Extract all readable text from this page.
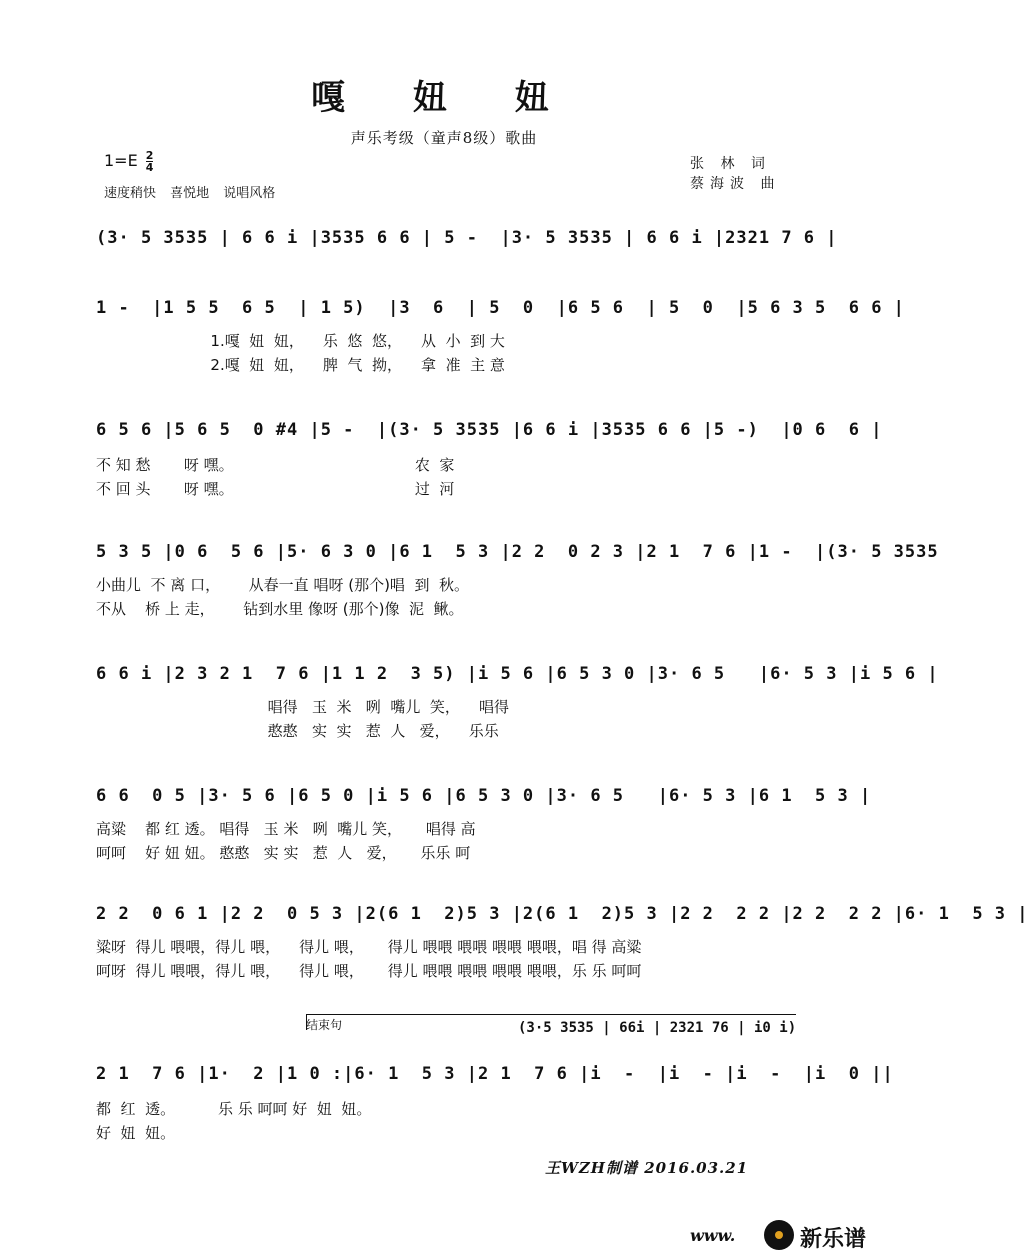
嘎 妞 妞
声乐考级（童声8级）歌曲
$1=E \frac{2}{4}$
速度稍快 喜悦地 说唱风格
张 林 词
蔡海波 曲
(3· 5 3535 | 6 6 i |3535 6 6 | 5 -  |3· 5 3535 | 6 6 i |2321 7 6 |
1 -  |1 5 5  6 5  | 1 5)  |3  6  | 5  0  |6 5 6  | 5  0  |5 6 3 5  6 6 |
1.嘎  妞  妞，    乐  悠  悠，    从  小  到 大
2.嘎  妞  妞，    脾  气  拗，    拿  准  主 意
6 5 6 |5 6 5  0 #4 |5 -  |(3· 5 3535 |6 6 i |3535 6 6 |5 -)  |0 6  6 |
不 知 愁       呀 嘿。                                      农  家
不 回 头       呀 嘿。                                      过  河
5 3 5 |0 6  5 6 |5· 6 3 0 |6 1  5 3 |2 2  0 2 3 |2 1  7 6 |1 -  |(3· 5 3535
小曲儿  不 离 口，      从春一直 唱呀 (那个)唱  到  秋。
不从    桥 上 走，      钻到水里 像呀 (那个)像  泥  鳅。
6 6 i |2 3 2 1  7 6 |1 1 2  3 5) |i 5 6 |6 5 3 0 |3· 6 5   |6· 5 3 |i 5 6 |
唱得   玉  米   咧  嘴儿  笑，    唱得
憨憨   实  实   惹  人   爱，    乐乐
6 6  0 5 |3· 5 6 |6 5 0 |i 5 6 |6 5 3 0 |3· 6 5   |6· 5 3 |6 1  5 3 |
高粱    都 红 透。 唱得   玉 米   咧  嘴儿 笑，     唱得 高
呵呵    好 妞 妞。 憨憨   实 实   惹  人   爱，     乐乐 呵
2 2  0 6 1 |2 2  0 5 3 |2(6 1  2)5 3 |2(6 1  2)5 3 |2 2  2 2 |2 2  2 2 |6· 1  5 3 |
粱呀  得儿 喂喂，得儿 喂，    得儿 喂，     得儿 喂喂 喂喂 喂喂 喂喂，唱 得 高粱
呵呀  得儿 喂喂，得儿 喂，    得儿 喂，     得儿 喂喂 喂喂 喂喂 喂喂，乐 乐 呵呵
结束句	(3·5 3535 | 66i | 2321 76 | i0 i)
2 1  7 6 |1·  2 |1 0 :|6· 1  5 3 |2 1  7 6 |i  -  |i  - |i  -  |i  0 ||
都  红  透。         乐 乐 呵呵 好  妞  妞。
好  妞  妞。
王WZH制谱 2016.03.21
www.	新乐谱
